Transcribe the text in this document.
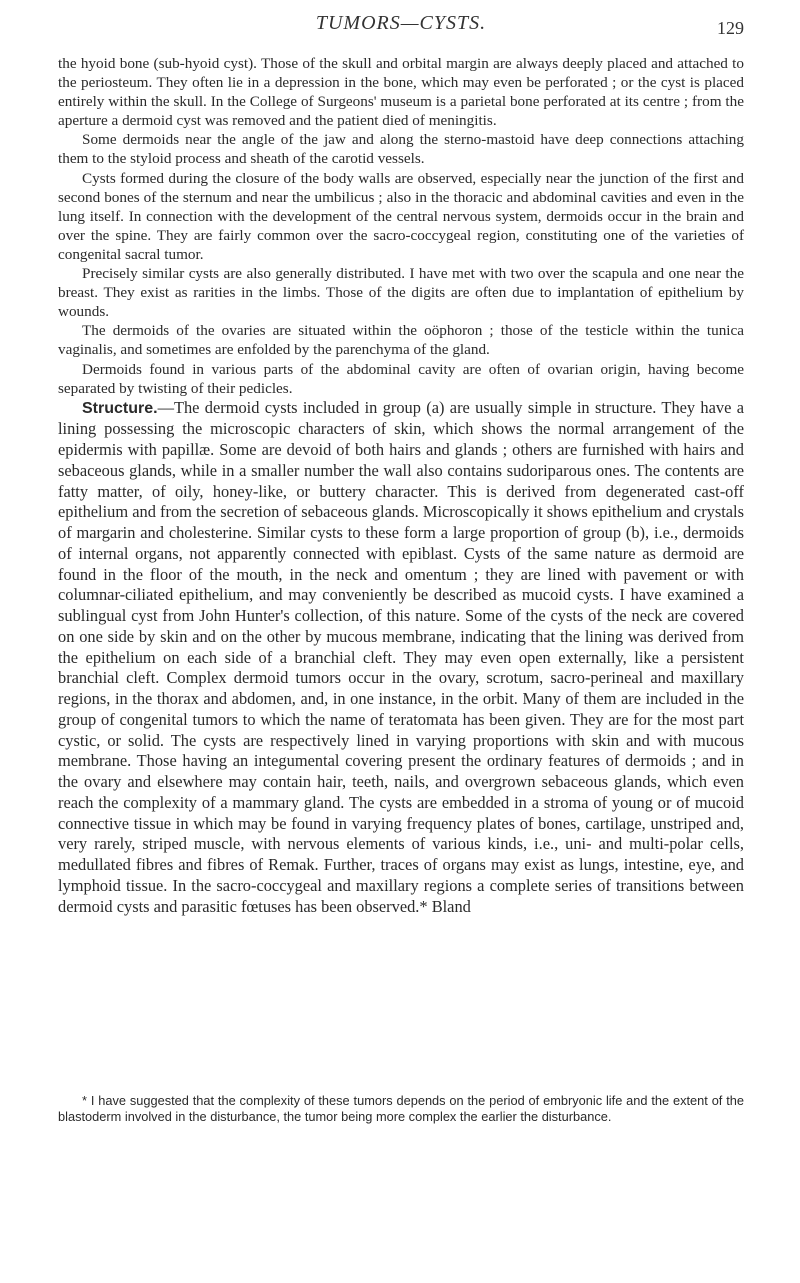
TUMORS—CYSTS.	129

the hyoid bone (sub-hyoid cyst). Those of the skull and orbital margin are always deeply placed and attached to the periosteum. They often lie in a depression in the bone, which may even be perforated ; or the cyst is placed entirely within the skull. In the College of Surgeons' museum is a parietal bone perforated at its centre ; from the aperture a dermoid cyst was removed and the patient died of meningitis.

Some dermoids near the angle of the jaw and along the sterno-mastoid have deep connections attaching them to the styloid process and sheath of the carotid vessels.

Cysts formed during the closure of the body walls are observed, especially near the junction of the first and second bones of the sternum and near the umbilicus ; also in the thoracic and abdominal cavities and even in the lung itself. In connection with the development of the central nervous system, dermoids occur in the brain and over the spine. They are fairly common over the sacro-coccygeal region, constituting one of the varieties of congenital sacral tumor.

Precisely similar cysts are also generally distributed. I have met with two over the scapula and one near the breast. They exist as rarities in the limbs. Those of the digits are often due to implantation of epithelium by wounds.

The dermoids of the ovaries are situated within the oöphoron ; those of the testicle within the tunica vaginalis, and sometimes are enfolded by the parenchyma of the gland.

Dermoids found in various parts of the abdominal cavity are often of ovarian origin, having become separated by twisting of their pedicles.

Structure.—The dermoid cysts included in group (a) are usually simple in structure. They have a lining possessing the microscopic characters of skin, which shows the normal arrangement of the epidermis with papillæ. Some are devoid of both hairs and glands ; others are furnished with hairs and sebaceous glands, while in a smaller number the wall also contains sudoriparous ones. The contents are fatty matter, of oily, honey-like, or buttery character. This is derived from degenerated cast-off epithelium and from the secretion of sebaceous glands. Microscopically it shows epithelium and crystals of margarin and cholesterine. Similar cysts to these form a large proportion of group (b), i.e., dermoids of internal organs, not apparently connected with epiblast. Cysts of the same nature as dermoid are found in the floor of the mouth, in the neck and omentum ; they are lined with pavement or with columnar-ciliated epithelium, and may conveniently be described as mucoid cysts. I have examined a sublingual cyst from John Hunter's collection, of this nature. Some of the cysts of the neck are covered on one side by skin and on the other by mucous membrane, indicating that the lining was derived from the epithelium on each side of a branchial cleft. They may even open externally, like a persistent branchial cleft. Complex dermoid tumors occur in the ovary, scrotum, sacro-perineal and maxillary regions, in the thorax and abdomen, and, in one instance, in the orbit. Many of them are included in the group of congenital tumors to which the name of teratomata has been given. They are for the most part cystic, or solid. The cysts are respectively lined in varying proportions with skin and with mucous membrane. Those having an integumental covering present the ordinary features of dermoids ; and in the ovary and elsewhere may contain hair, teeth, nails, and overgrown sebaceous glands, which even reach the complexity of a mammary gland. The cysts are embedded in a stroma of young or of mucoid connective tissue in which may be found in varying frequency plates of bones, cartilage, unstriped and, very rarely, striped muscle, with nervous elements of various kinds, i.e., uni- and multi-polar cells, medullated fibres and fibres of Remak. Further, traces of organs may exist as lungs, intestine, eye, and lymphoid tissue. In the sacro-coccygeal and maxillary regions a complete series of transitions between dermoid cysts and parasitic fœtuses has been observed.* Bland

* I have suggested that the complexity of these tumors depends on the period of embryonic life and the extent of the blastoderm involved in the disturbance, the tumor being more complex the earlier the disturbance.
